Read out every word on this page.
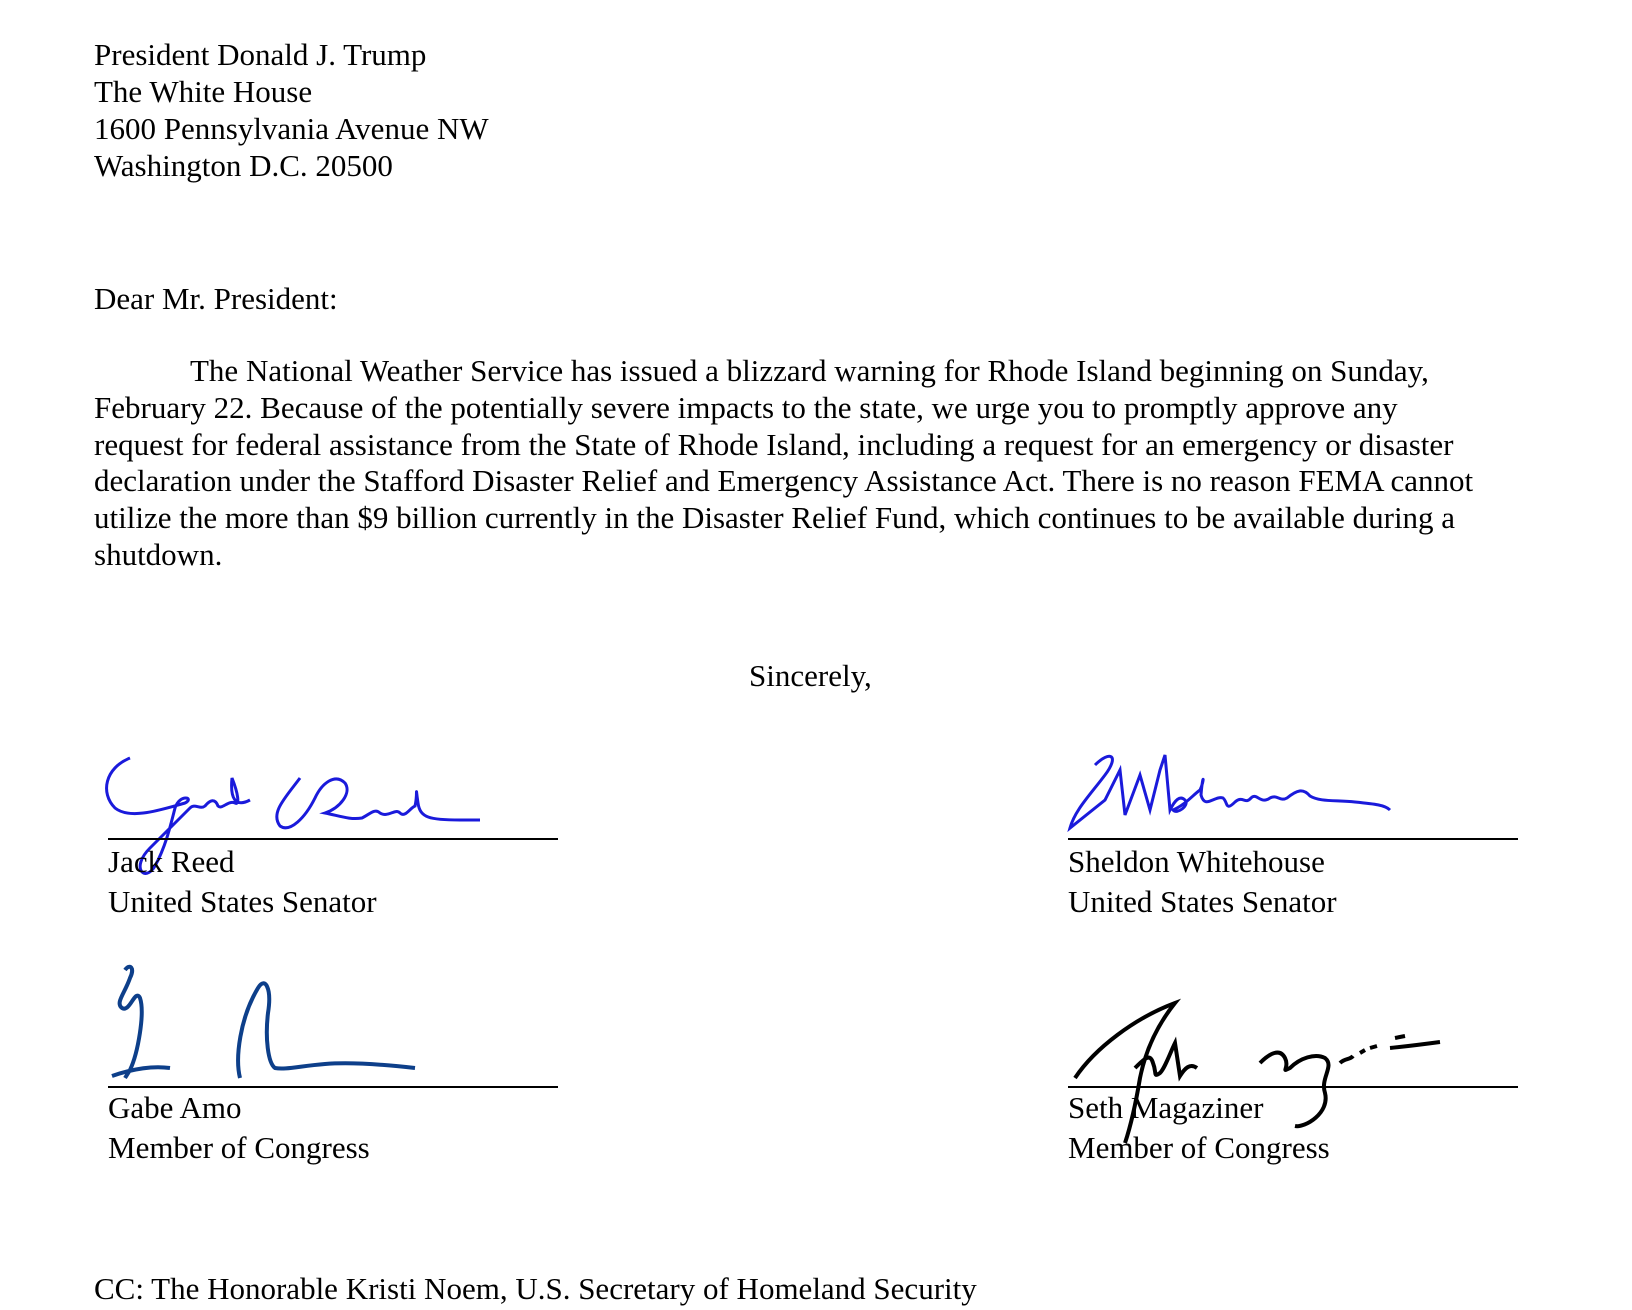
President Donald J. Trump
The White House
1600 Pennsylvania Avenue NW
Washington D.C. 20500
Dear Mr. President:
The National Weather Service has issued a blizzard warning for Rhode Island beginning on Sunday,
February 22. Because of the potentially severe impacts to the state, we urge you to promptly approve any
request for federal assistance from the State of Rhode Island, including a request for an emergency or disaster
declaration under the Stafford Disaster Relief and Emergency Assistance Act. There is no reason FEMA cannot
utilize the more than $9 billion currently in the Disaster Relief Fund, which continues to be available during a
shutdown.
Sincerely,
Jack Reed
United States Senator
Sheldon Whitehouse
United States Senator
Gabe Amo
Member of Congress
Seth Magaziner
Member of Congress
CC: The Honorable Kristi Noem, U.S. Secretary of Homeland Security
